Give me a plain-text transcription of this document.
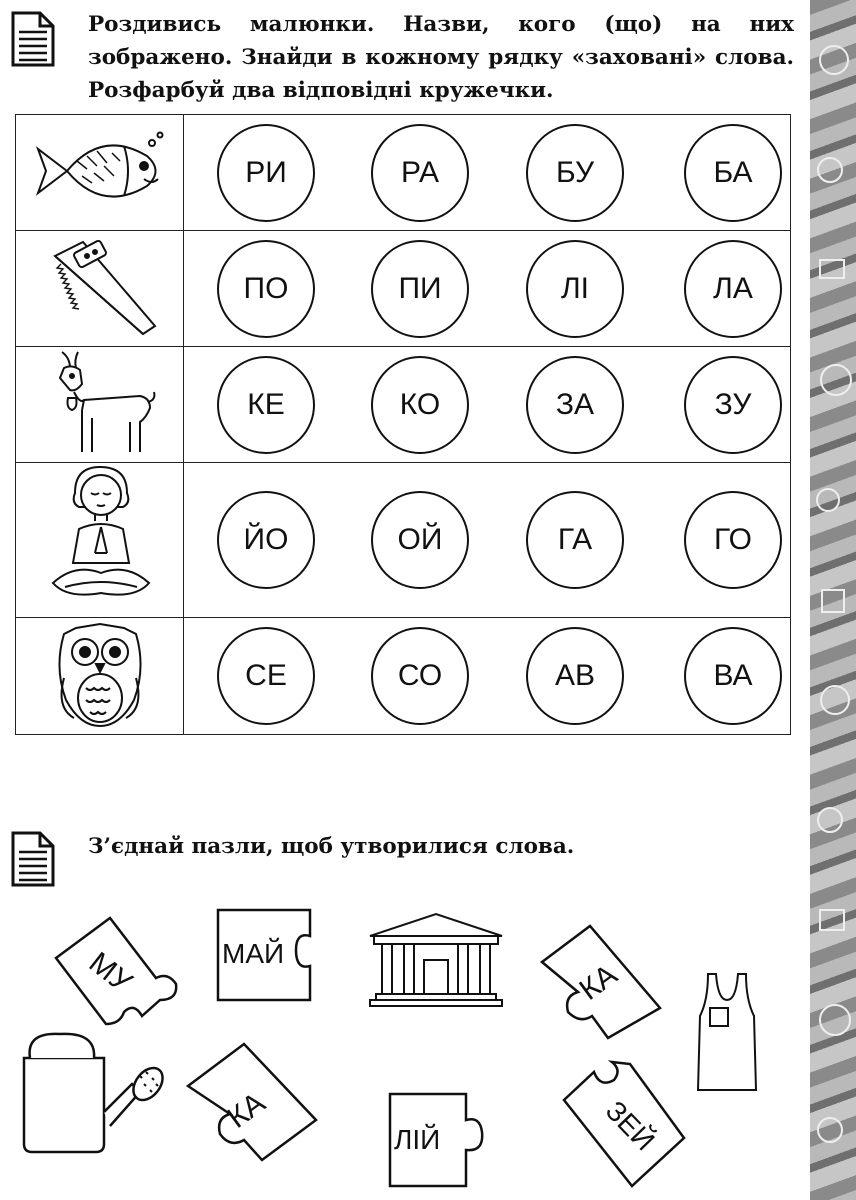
Роздивись малюнки. Назви, кого (що) на них зображено. Знайди в кожному рядку «заховані» слова. Розфарбуй два відповідні кружечки.

РИ РА БУ БА

ПО ПИ ЛІ ЛА

КЕ КО ЗА ЗУ

ЙО ОЙ ГА ГО

СЕ СО АВ ВА

З’єднай пазли, щоб утворилися слова.

МУ	МАЙ
КА
КА
ЛІЙ	ЗЕЙ
